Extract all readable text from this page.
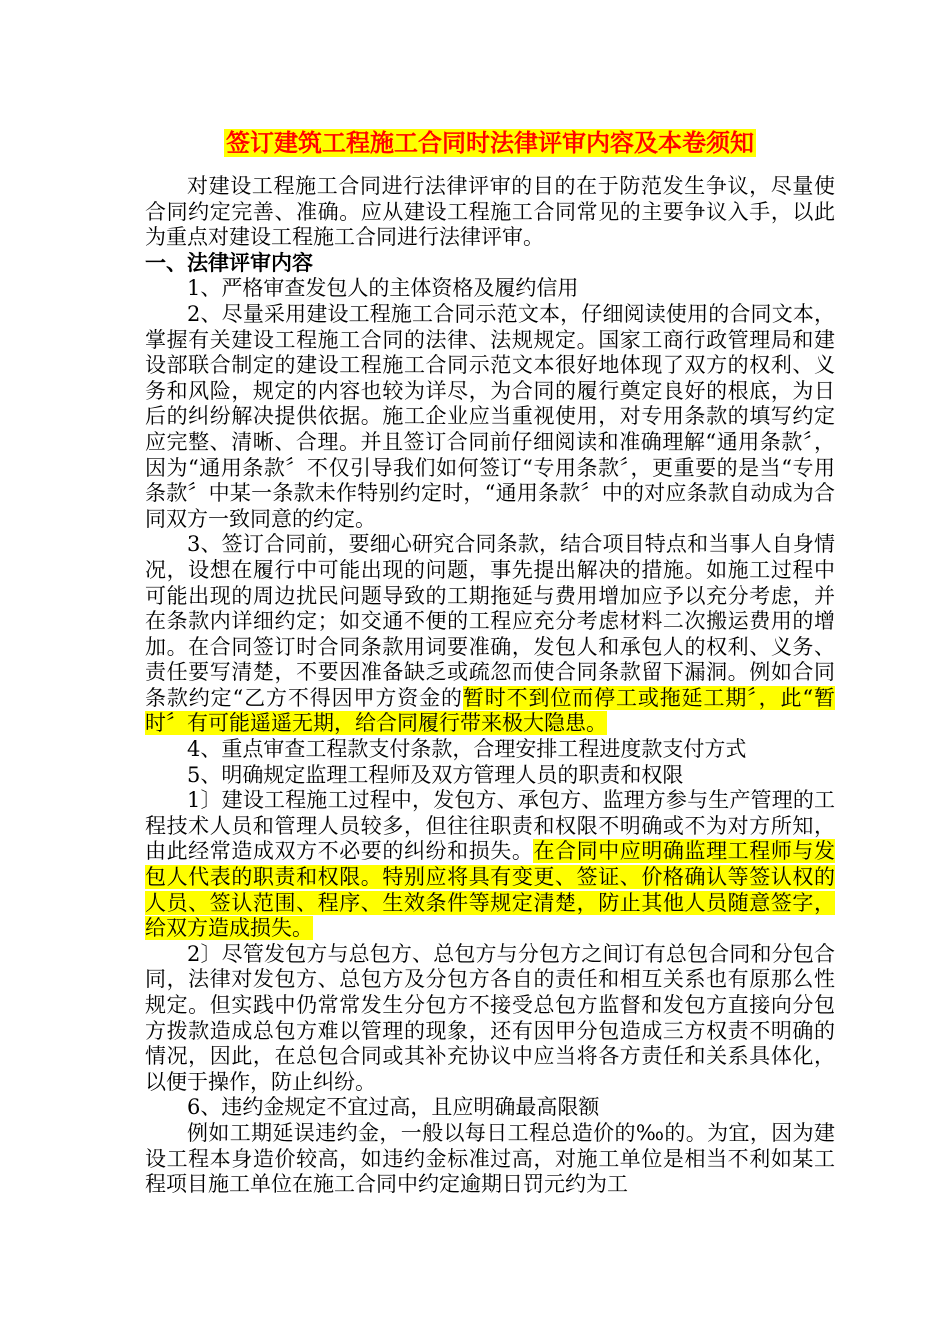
签订建筑工程施工合同时法律评审内容及本卷须知

对建设工程施工合同进行法律评审的目的在于防范发生争议，尽量使合同约定完善、准确。应从建设工程施工合同常见的主要争议入手，以此为重点对建设工程施工合同进行法律评审。

一、法律评审内容

1、严格审查发包人的主体资格及履约信用

2、尽量采用建设工程施工合同示范文本，仔细阅读使用的合同文本，掌握有关建设工程施工合同的法律、法规规定。国家工商行政管理局和建设部联合制定的建设工程施工合同示范文本很好地体现了双方的权利、义务和风险，规定的内容也较为详尽，为合同的履行奠定良好的根底，为日后的纠纷解决提供依据。施工企业应当重视使用，对专用条款的填写约定应完整、清晰、合理。并且签订合同前仔细阅读和准确理解“通用条款〞，因为“通用条款〞不仅引导我们如何签订“专用条款〞，更重要的是当“专用条款〞中某一条款未作特别约定时，“通用条款〞中的对应条款自动成为合同双方一致同意的约定。

3、签订合同前，要细心研究合同条款，结合项目特点和当事人自身情况，设想在履行中可能出现的问题，事先提出解决的措施。如施工过程中可能出现的周边扰民问题导致的工期拖延与费用增加应予以充分考虑，并在条款内详细约定；如交通不便的工程应充分考虑材料二次搬运费用的增加。在合同签订时合同条款用词要准确，发包人和承包人的权利、义务、责任要写清楚，不要因准备缺乏或疏忽而使合同条款留下漏洞。例如合同条款约定“乙方不得因甲方资金的暂时不到位而停工或拖延工期〞，此“暂时〞有可能遥遥无期，给合同履行带来极大隐患。

4、重点审查工程款支付条款，合理安排工程进度款支付方式

5、明确规定监理工程师及双方管理人员的职责和权限

1〕建设工程施工过程中，发包方、承包方、监理方参与生产管理的工程技术人员和管理人员较多，但往往职责和权限不明确或不为对方所知，由此经常造成双方不必要的纠纷和损失。在合同中应明确监理工程师与发包人代表的职责和权限。特别应将具有变更、签证、价格确认等签认权的人员、签认范围、程序、生效条件等规定清楚，防止其他人员随意签字，给双方造成损失。

2〕尽管发包方与总包方、总包方与分包方之间订有总包合同和分包合同，法律对发包方、总包方及分包方各自的责任和相互关系也有原那么性规定。但实践中仍常常发生分包方不接受总包方监督和发包方直接向分包方拨款造成总包方难以管理的现象，还有因甲分包造成三方权责不明确的情况，因此，在总包合同或其补充协议中应当将各方责任和关系具体化，以便于操作，防止纠纷。

6、违约金规定不宜过高，且应明确最高限额

例如工期延误违约金，一般以每日工程总造价的‰的。为宜，因为建设工程本身造价较高，如违约金标准过高，对施工单位是相当不利如某工程项目施工单位在施工合同中约定逾期日罚元约为工
